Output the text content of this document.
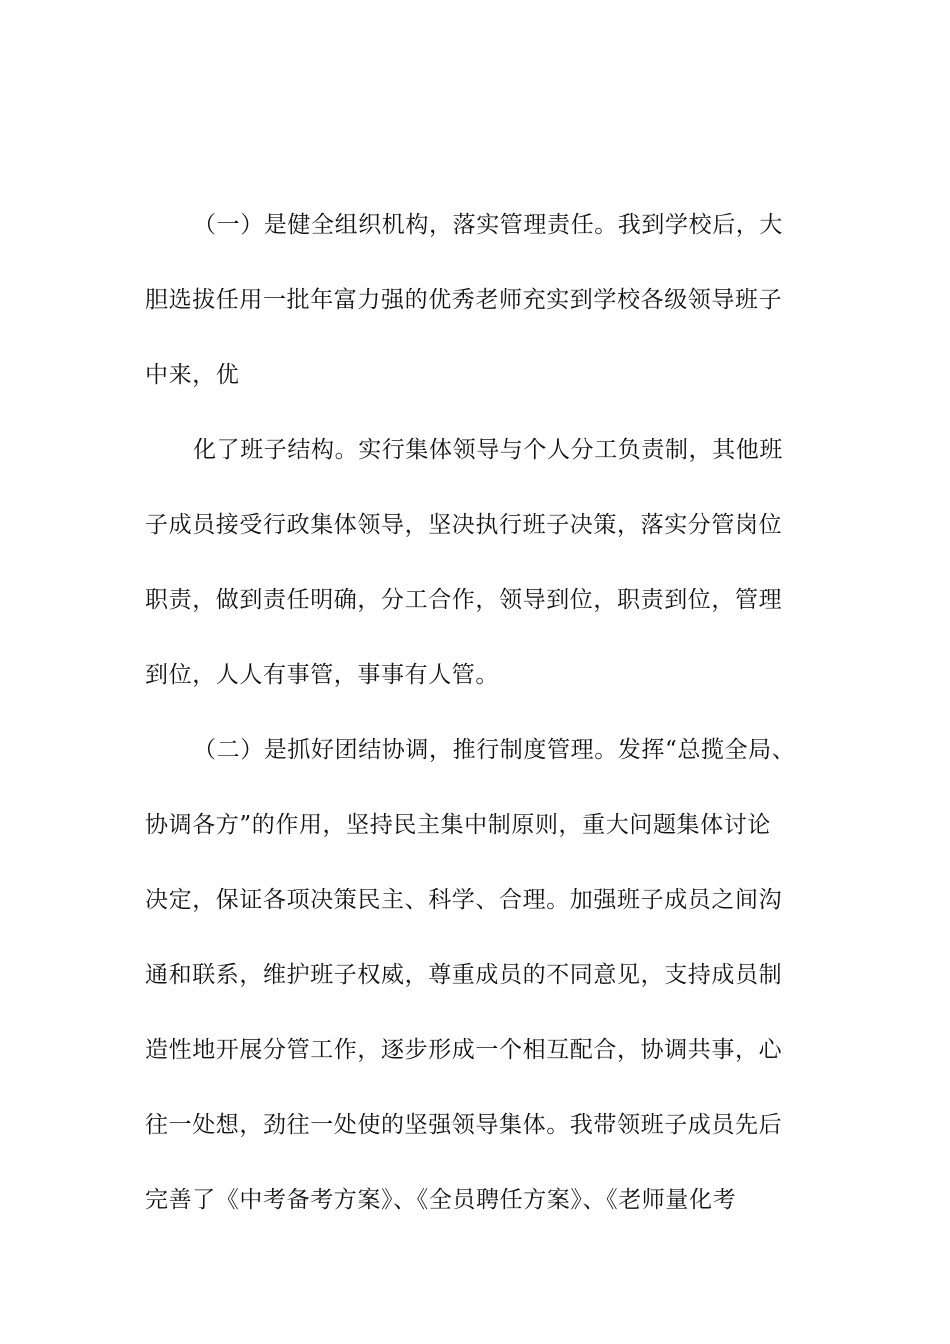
（一）是健全组织机构，落实管理责任。我到学校后，大
胆选拔任用一批年富力强的优秀老师充实到学校各级领导班子
中来，优
化了班子结构。实行集体领导与个人分工负责制，其他班
子成员接受行政集体领导，坚决执行班子决策，落实分管岗位
职责，做到责任明确，分工合作，领导到位，职责到位，管理
到位，人人有事管，事事有人管。
（二）是抓好团结协调，推行制度管理。发挥“总揽全局、
协调各方”的作用，坚持民主集中制原则，重大问题集体讨论
决定，保证各项决策民主、科学、合理。加强班子成员之间沟
通和联系，维护班子权威，尊重成员的不同意见，支持成员制
造性地开展分管工作，逐步形成一个相互配合，协调共事，心
往一处想，劲往一处使的坚强领导集体。我带领班子成员先后
完善了《中考备考方案》、《全员聘任方案》、《老师量化考
